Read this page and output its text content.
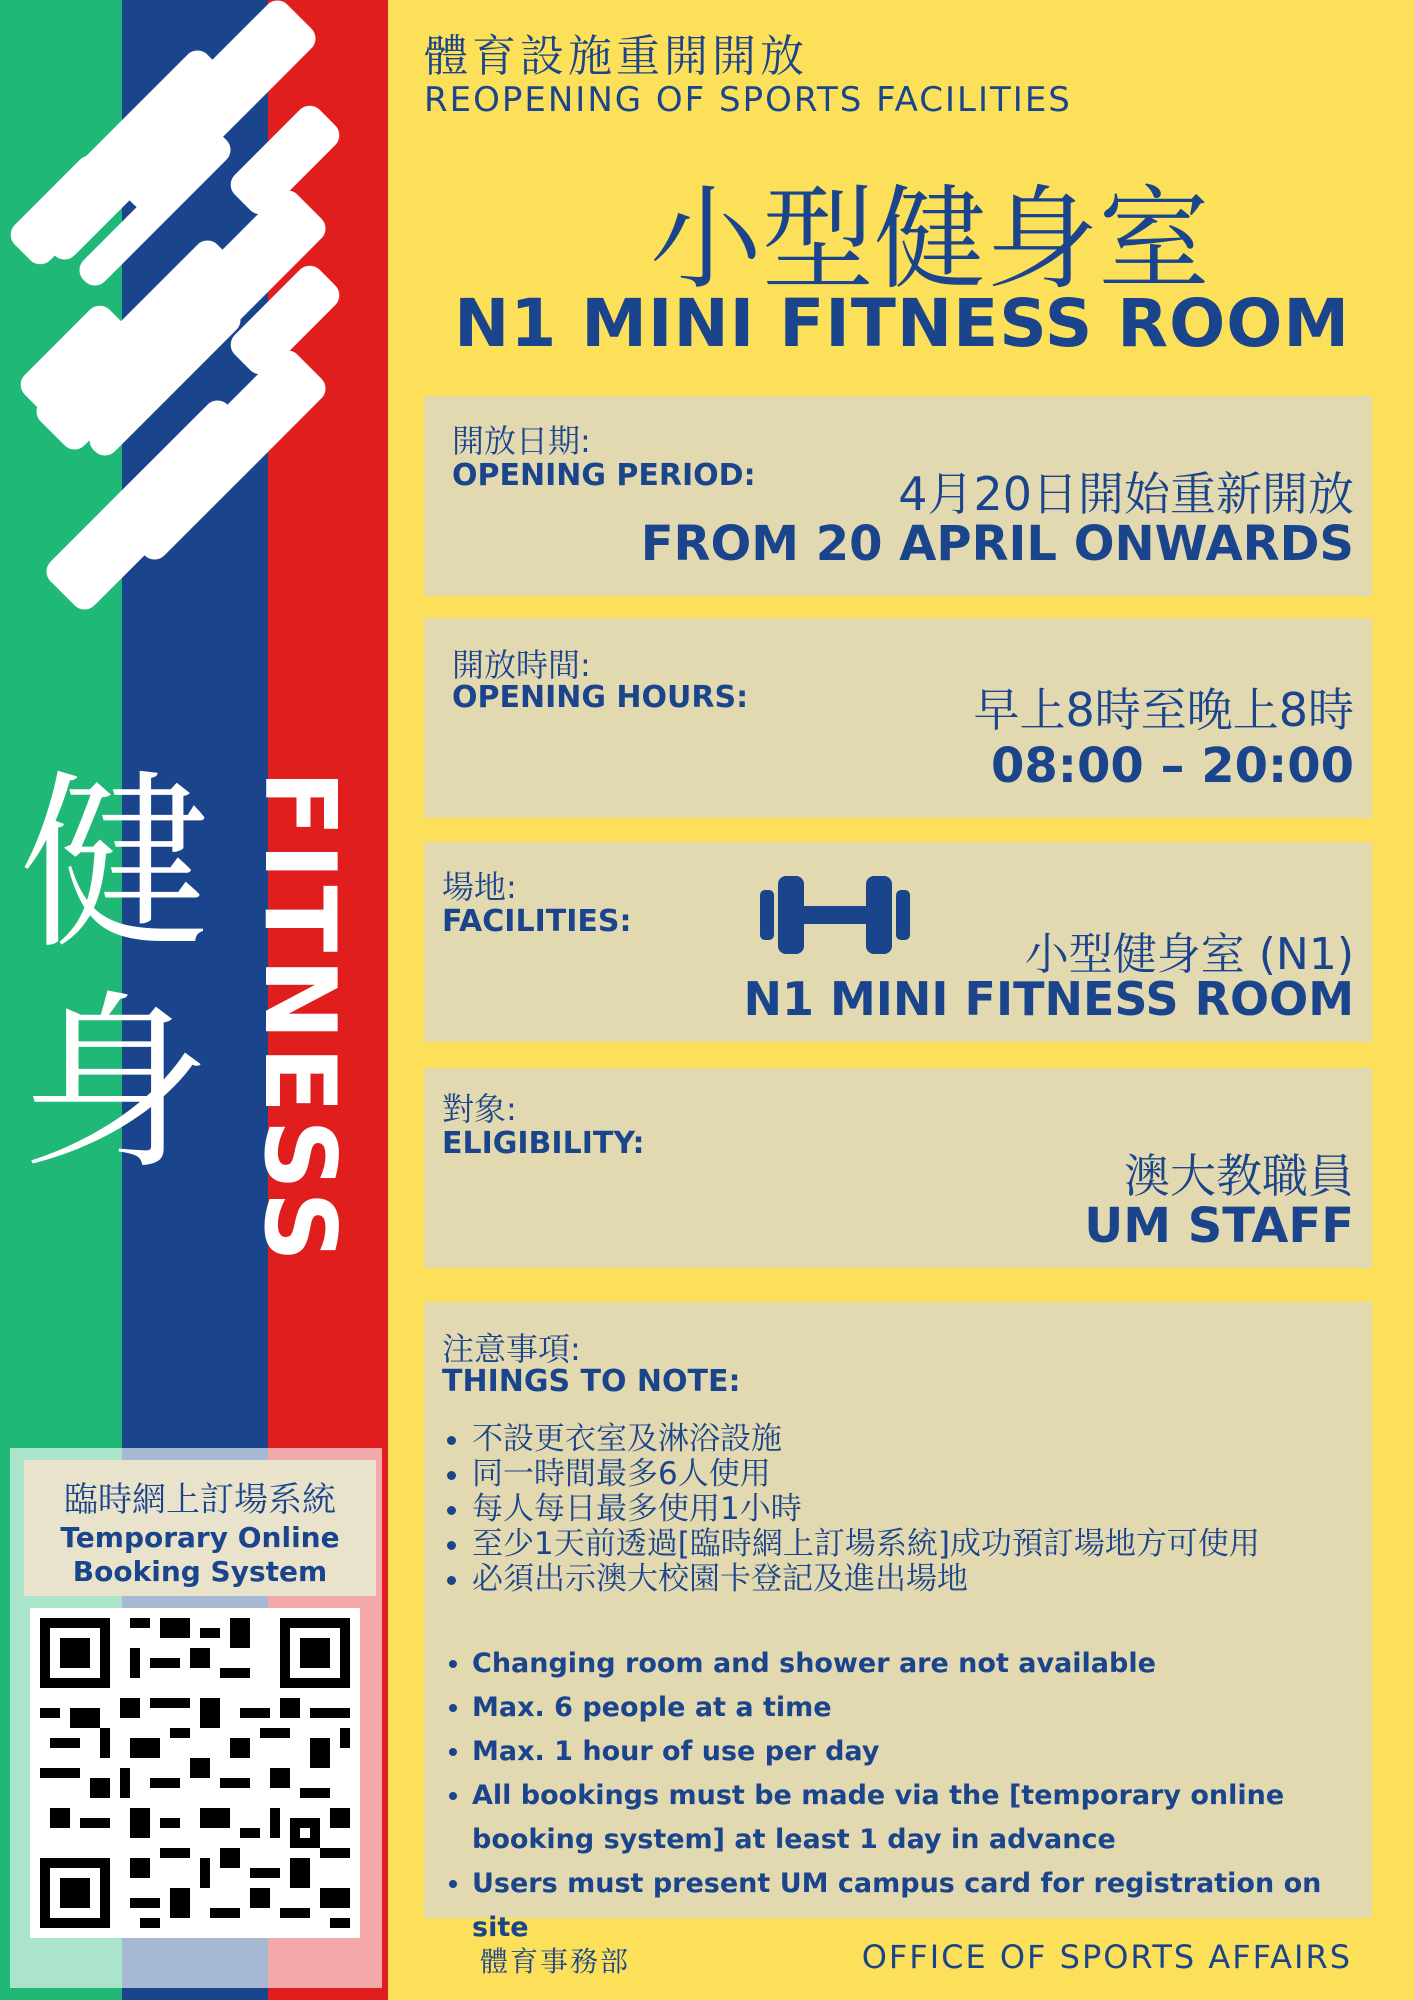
健
身 FITNESS
臨時網上訂場系統
Temporary Online
Booking System
體育設施重開開放
REOPENING OF SPORTS FACILITIES
小型健身室
N1 MINI FITNESS ROOM
開放日期:
OPENING PERIOD:	4月20日開始重新開放
FROM 20 APRIL ONWARDS
開放時間:
OPENING HOURS:	早上8時至晚上8時
08:00 – 20:00
場地:
FACILITIES:
小型健身室 (N1)
N1 MINI FITNESS ROOM
對象:
ELIGIBILITY:
澳大教職員
UM STAFF
注意事項:
THINGS TO NOTE:
• 不設更衣室及淋浴設施
• 同一時間最多6人使用
• 每人每日最多使用1小時
• 至少1天前透過[臨時網上訂場系統]成功預訂場地方可使用
• 必須出示澳大校園卡登記及進出場地
• Changing room and shower are not available
• Max. 6 people at a time
• Max. 1 hour of use per day
• All bookings must be made via the [temporary online booking system] at least 1 day in advance
• Users must present UM campus card for registration on site
體育事務部	OFFICE OF SPORTS AFFAIRS
